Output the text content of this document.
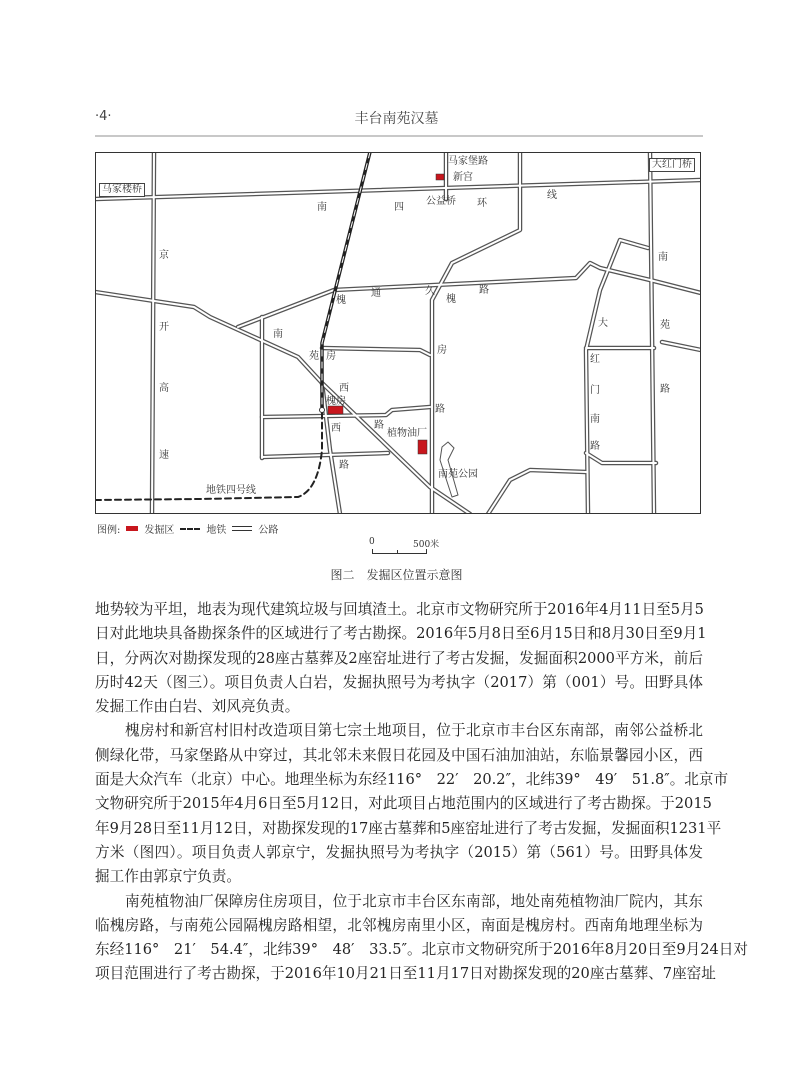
·4·	丰台南苑汉墓
马家堡路
新宫
大红门桥
马家楼桥
南	四
公益桥 环
线
京
开
高
速
南
苑
路
槐
通	久
槐
路
南
苑 房
房
路
大
红
门
南
路
西
槐房
西	路
路
植物油厂
南苑公园
地铁四号线
图例: 发掘区	地铁	公路
0	500米
图二　发掘区位置示意图
地势较为平坦，地表为现代建筑垃圾与回填渣土。北京市文物研究所于2016年4月11日至5月5
日对此地块具备勘探条件的区域进行了考古勘探。2016年5月8日至6月15日和8月30日至9月1
日，分两次对勘探发现的28座古墓葬及2座窑址进行了考古发掘，发掘面积2000平方米，前后
历时42天（图三）。项目负责人白岩，发掘执照号为考执字（2017）第（001）号。田野具体
发掘工作由白岩、刘风亮负责。
槐房村和新宫村旧村改造项目第七宗土地项目，位于北京市丰台区东南部，南邻公益桥北
侧绿化带，马家堡路从中穿过，其北邻未来假日花园及中国石油加油站，东临景馨园小区，西
面是大众汽车（北京）中心。地理坐标为东经116°　22′　20.2″，北纬39°　49′　51.8″。北京市
文物研究所于2015年4月6日至5月12日，对此项目占地范围内的区域进行了考古勘探。于2015
年9月28日至11月12日，对勘探发现的17座古墓葬和5座窑址进行了考古发掘，发掘面积1231平
方米（图四）。项目负责人郭京宁，发掘执照号为考执字（2015）第（561）号。田野具体发
掘工作由郭京宁负责。
南苑植物油厂保障房住房项目，位于北京市丰台区东南部，地处南苑植物油厂院内，其东
临槐房路，与南苑公园隔槐房路相望，北邻槐房南里小区，南面是槐房村。西南角地理坐标为
东经116°　21′　54.4″，北纬39°　48′　33.5″。北京市文物研究所于2016年8月20日至9月24日对
项目范围进行了考古勘探，于2016年10月21日至11月17日对勘探发现的20座古墓葬、7座窑址
